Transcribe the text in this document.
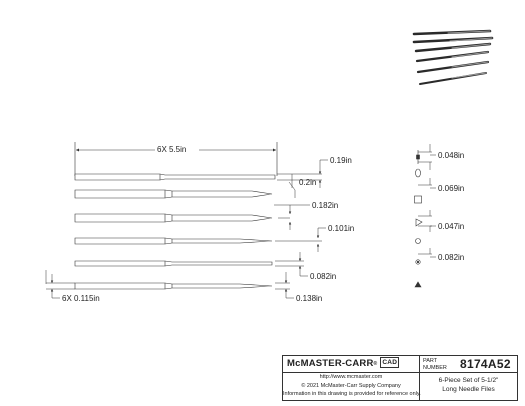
6X 5.5in
0.19in
0.2in
0.182in
0.101in
0.082in
0.138in
6X 0.115in
0.048in
0.069in
0.047in
0.082in
McMASTER-CARR® CAD	PART NUMBER	8174A52
http://www.mcmaster.com
© 2021 McMaster-Carr Supply Company
Information in this drawing is provided for reference only.
6-Piece Set of 5-1/2"
Long Needle Files
